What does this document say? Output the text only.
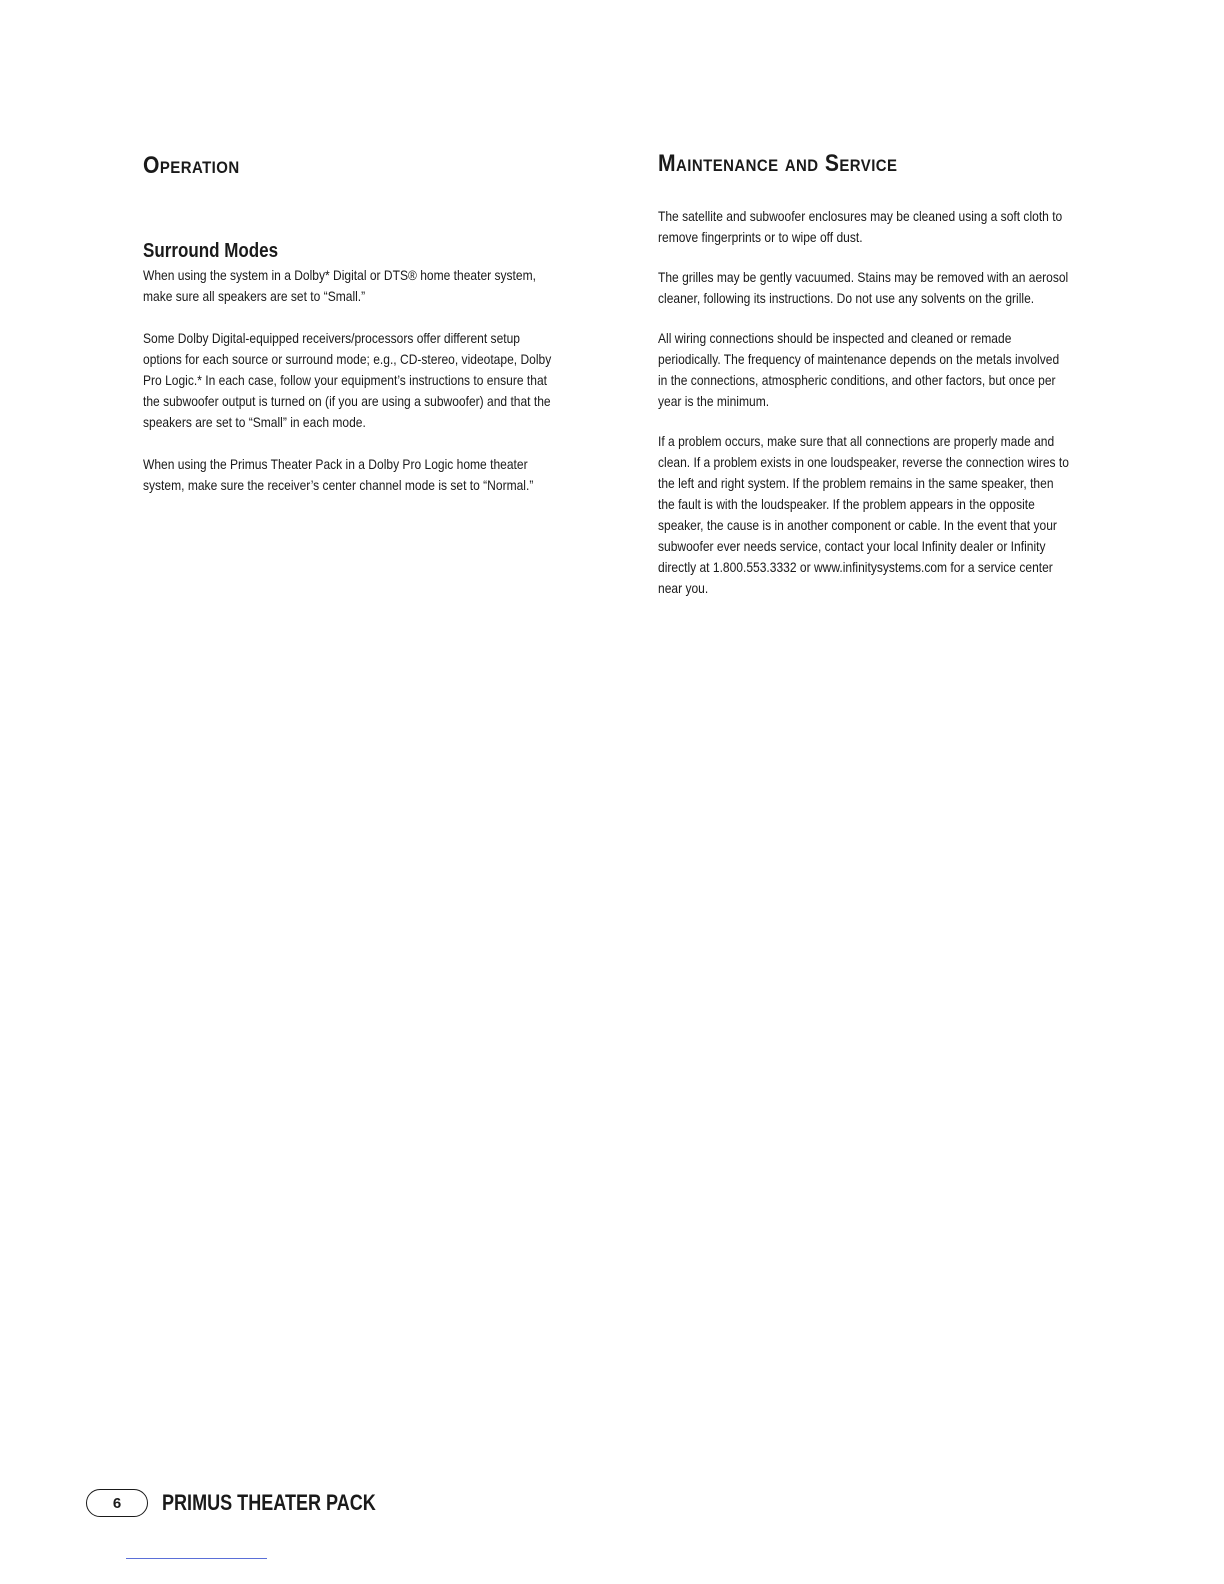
Operation
Surround Modes

When using the system in a Dolby* Digital or DTS® home theater system, make sure all speakers are set to “Small.”

Some Dolby Digital-equipped receivers/processors offer different setup options for each source or surround mode; e.g., CD-stereo, videotape, Dolby Pro Logic.* In each case, follow your equipment’s instructions to ensure that the subwoofer output is turned on (if you are using a subwoofer) and that the speakers are set to “Small” in each mode.

When using the Primus Theater Pack in a Dolby Pro Logic home theater system, make sure the receiver’s center channel mode is set to “Normal.”

Maintenance and Service

The satellite and subwoofer enclosures may be cleaned using a soft cloth to remove fingerprints or to wipe off dust.

The grilles may be gently vacuumed. Stains may be removed with an aerosol cleaner, following its instructions. Do not use any solvents on the grille.

All wiring connections should be inspected and cleaned or remade periodically. The frequency of maintenance depends on the metals involved in the connections, atmospheric conditions, and other factors, but once per year is the minimum.

If a problem occurs, make sure that all connections are properly made and clean. If a problem exists in one loudspeaker, reverse the connection wires to the left and right system. If the problem remains in the same speaker, then the fault is with the loudspeaker. If the problem appears in the opposite speaker, the cause is in another component or cable. In the event that your subwoofer ever needs service, contact your local Infinity dealer or Infinity directly at 1.800.553.3332 or www.infinitysystems.com for a service center near you.

6	PRIMUS THEATER PACK
